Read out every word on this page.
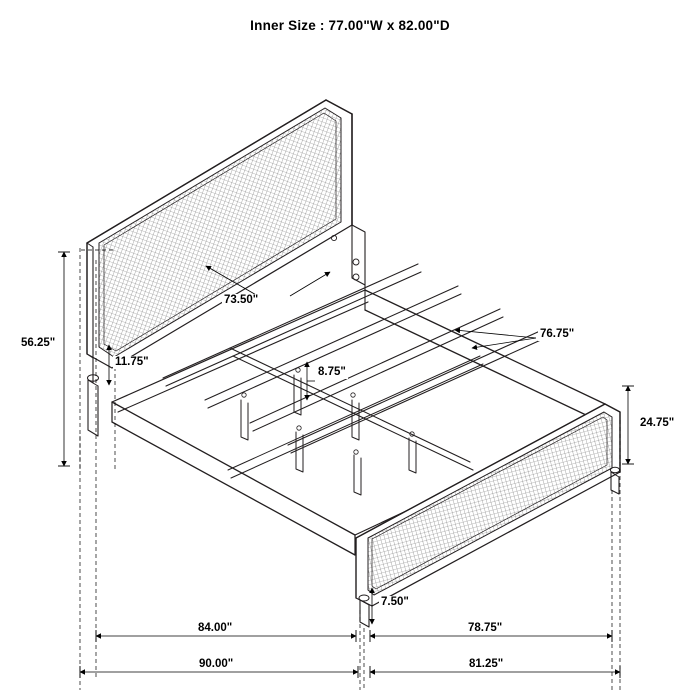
Inner Size : 77.00"W x 82.00"D
73.50"
56.25"
11.75"
8.75"
76.75"
24.75"
7.50"
84.00"	78.75"
90.00"	81.25"
